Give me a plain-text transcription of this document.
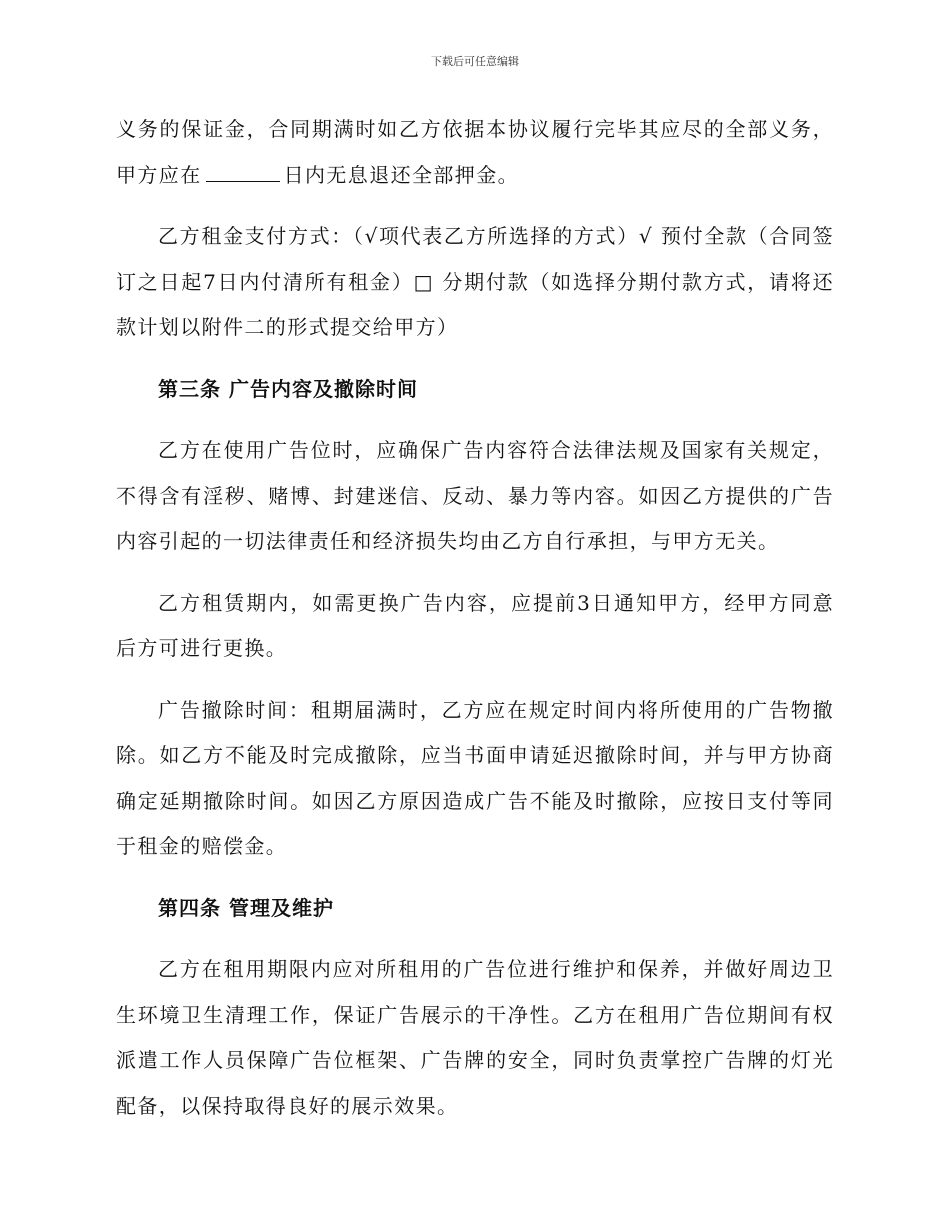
下载后可任意编辑

义务的保证金，合同期满时如乙方依据本协议履行完毕其应尽的全部义务，甲方应在	日内无息退还全部押金。

乙方租金支付方式：（√项代表乙方所选择的方式）√ 预付全款（合同签订之日起7日内付清所有租金）□ 分期付款（如选择分期付款方式，请将还款计划以附件二的形式提交给甲方）

第三条 广告内容及撤除时间

乙方在使用广告位时，应确保广告内容符合法律法规及国家有关规定，不得含有淫秽、赌博、封建迷信、反动、暴力等内容。如因乙方提供的广告内容引起的一切法律责任和经济损失均由乙方自行承担，与甲方无关。

乙方租赁期内，如需更换广告内容，应提前3日通知甲方，经甲方同意后方可进行更换。

广告撤除时间：租期届满时，乙方应在规定时间内将所使用的广告物撤除。如乙方不能及时完成撤除，应当书面申请延迟撤除时间，并与甲方协商确定延期撤除时间。如因乙方原因造成广告不能及时撤除，应按日支付等同于租金的赔偿金。

第四条 管理及维护

乙方在租用期限内应对所租用的广告位进行维护和保养，并做好周边卫生环境卫生清理工作，保证广告展示的干净性。乙方在租用广告位期间有权派遣工作人员保障广告位框架、广告牌的安全，同时负责掌控广告牌的灯光配备，以保持取得良好的展示效果。
